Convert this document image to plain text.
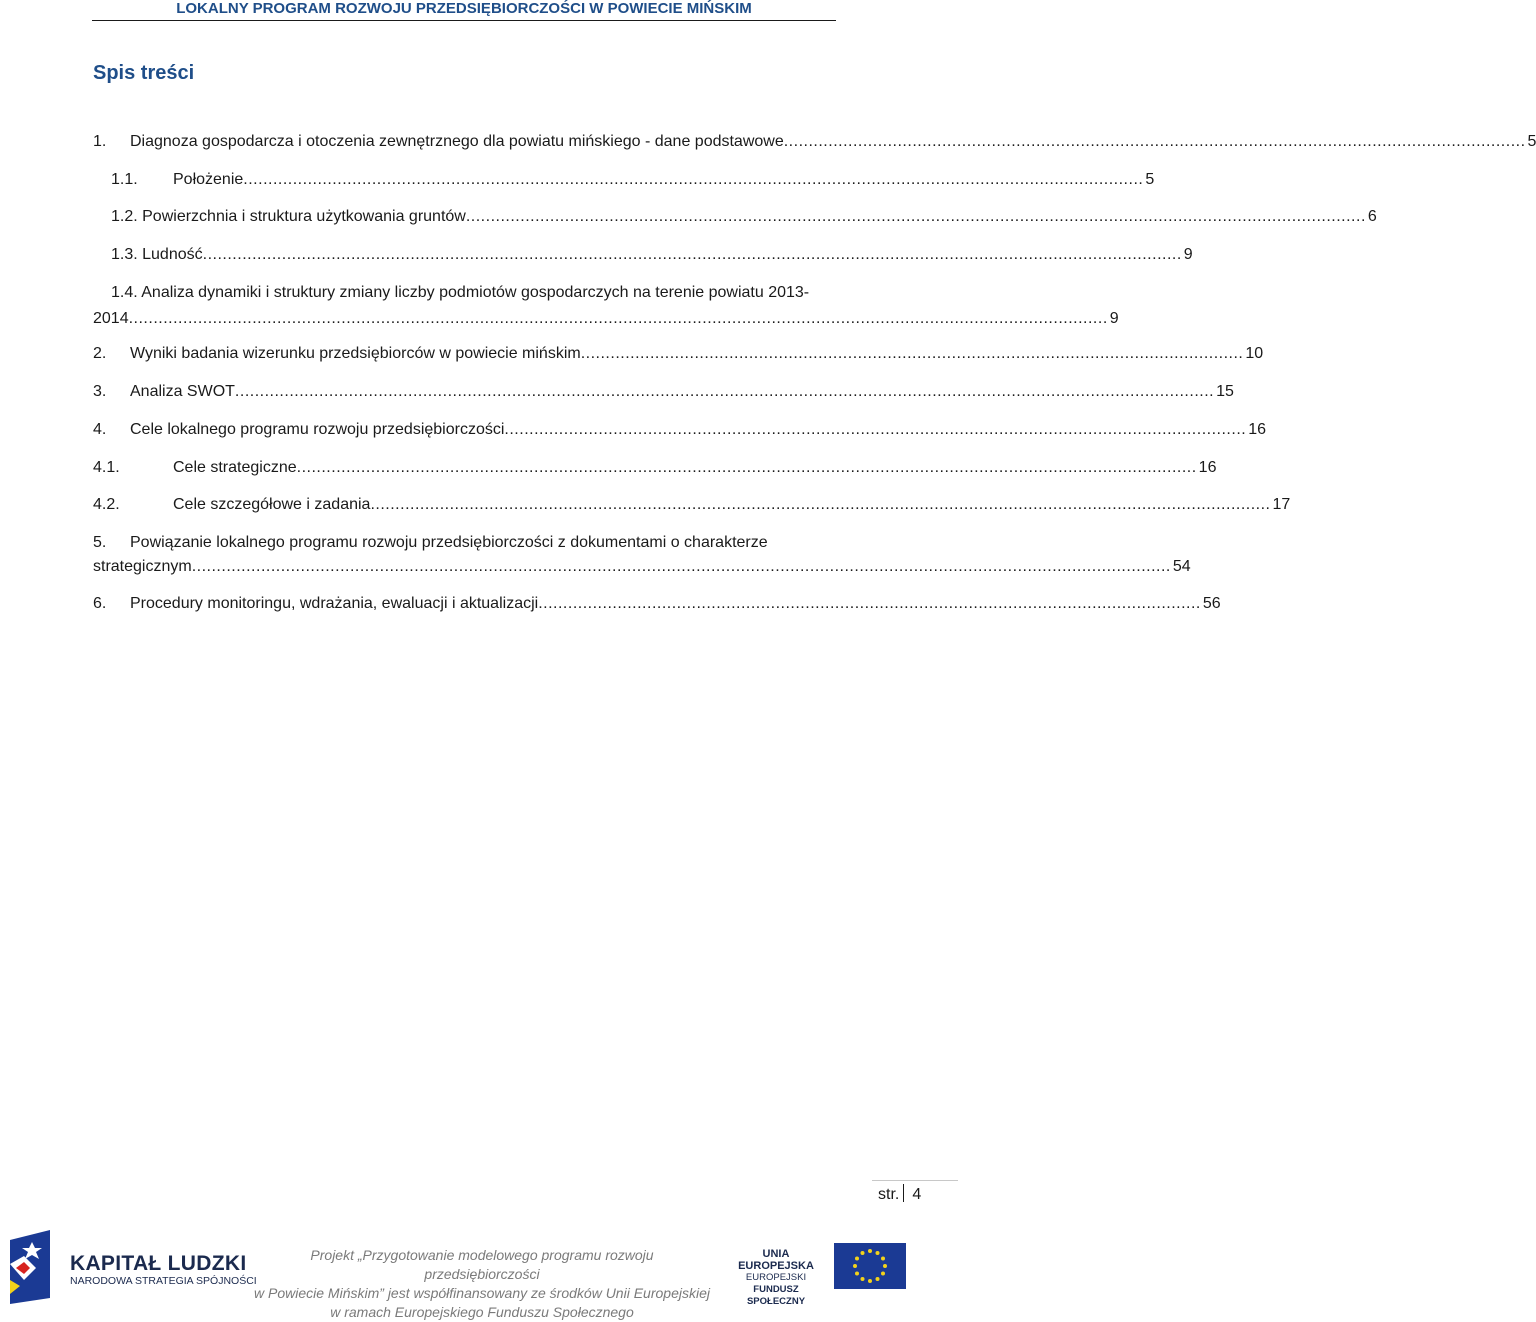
LOKALNY PROGRAM ROZWOJU PRZEDSIĘBIORCZOŚCI W POWIECIE MIŃSKIM
Spis treści
Diagnoza gospodarcza i otoczenia zewnętrznego dla powiatu mińskiego - dane podstawowe ...................................................................................................................................................... 5
1.
Położenie ...................................................................................................................................................................................... 5
1.1.
1.2. Powierzchnia i struktura użytkowania gruntów ...................................................................................................................................................................................... 6
1.3. Ludność ...................................................................................................................................................................................................... 9
1.4. Analiza dynamiki i struktury zmiany liczby podmiotów gospodarczych na terenie powiatu 2013-
2014 ...................................................................................................................................................................................................... 9
Wyniki badania wizerunku przedsiębiorców w powiecie mińskim ...................................................................................................................................... 10
2.
Analiza SWOT ...................................................................................................................................................................................................... 15
3.
Cele lokalnego programu rozwoju przedsiębiorczości ...................................................................................................................................................... 16
4.
Cele strategiczne ...................................................................................................................................................................................... 16
4.1.
Cele szczegółowe i zadania ...................................................................................................................................................................................... 17
4.2.
5. Powiązanie lokalnego programu rozwoju przedsiębiorczości z dokumentami o charakterze
strategicznym ...................................................................................................................................................................................................... 54
Procedury monitoringu, wdrażania, ewaluacji i aktualizacji ...................................................................................................................................... 56
6.
str. 4
KAPITAŁ LUDZKI
NARODOWA STRATEGIA SPÓJNOŚCI
Projekt „Przygotowanie modelowego programu rozwoju przedsiębiorczości
w Powiecie Mińskim” jest współfinansowany ze środków Unii Europejskiej
w ramach Europejskiego Funduszu Społecznego
UNIA EUROPEJSKA
EUROPEJSKI
FUNDUSZ SPOŁECZNY
